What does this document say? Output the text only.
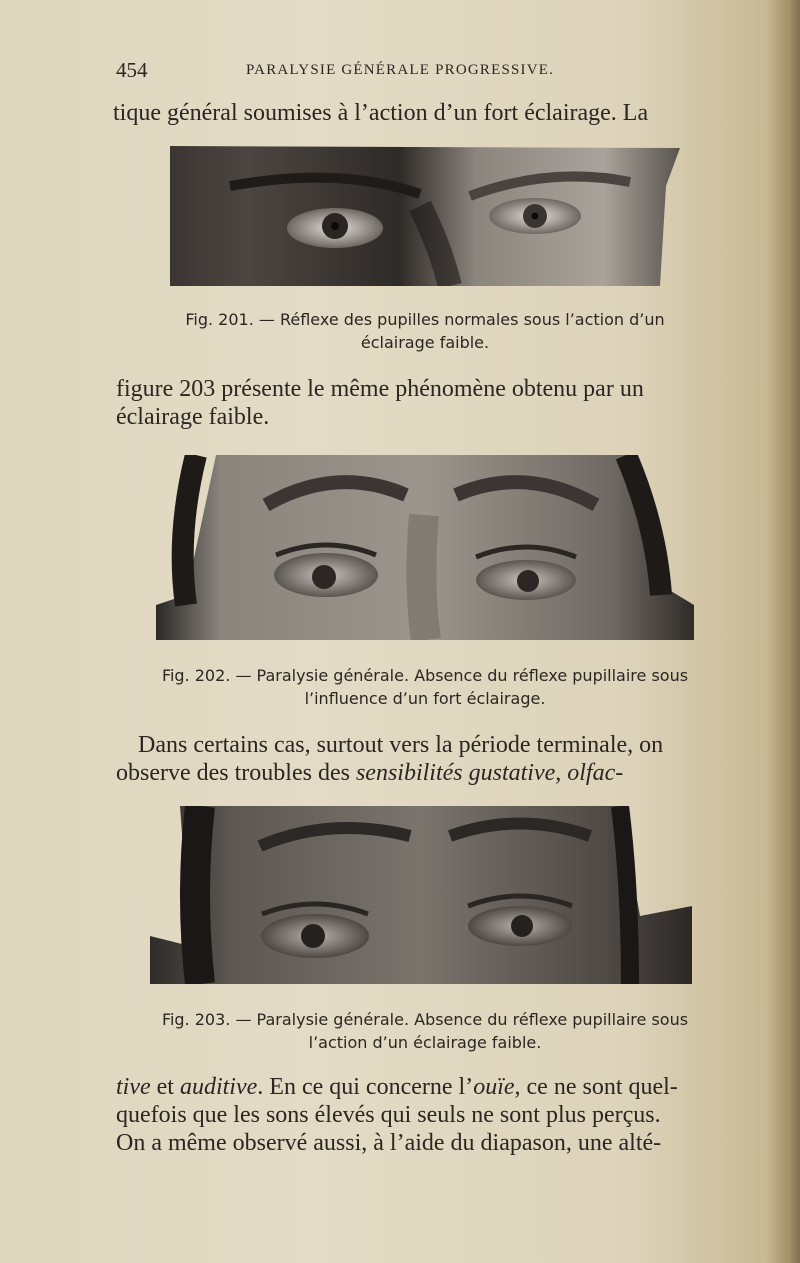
454	PARALYSIE GÉNÉRALE PROGRESSIVE.
tique général soumises à l’action d’un fort éclairage. La
Fig. 201. — Réflexe des pupilles normales sous l’action d’un
éclairage faible.
figure 203 présente le même phénomène obtenu par un
éclairage faible.
Fig. 202. — Paralysie générale. Absence du réflexe pupillaire sous
l’influence d’un fort éclairage.
Dans certains cas, surtout vers la période terminale, on
observe des troubles des sensibilités gustative, olfac-
Fig. 203. — Paralysie générale. Absence du réflexe pupillaire sous
l’action d’un éclairage faible.
tive et auditive. En ce qui concerne l’ouïe, ce ne sont quel-
quefois que les sons élevés qui seuls ne sont plus perçus.
On a même observé aussi, à l’aide du diapason, une alté-
